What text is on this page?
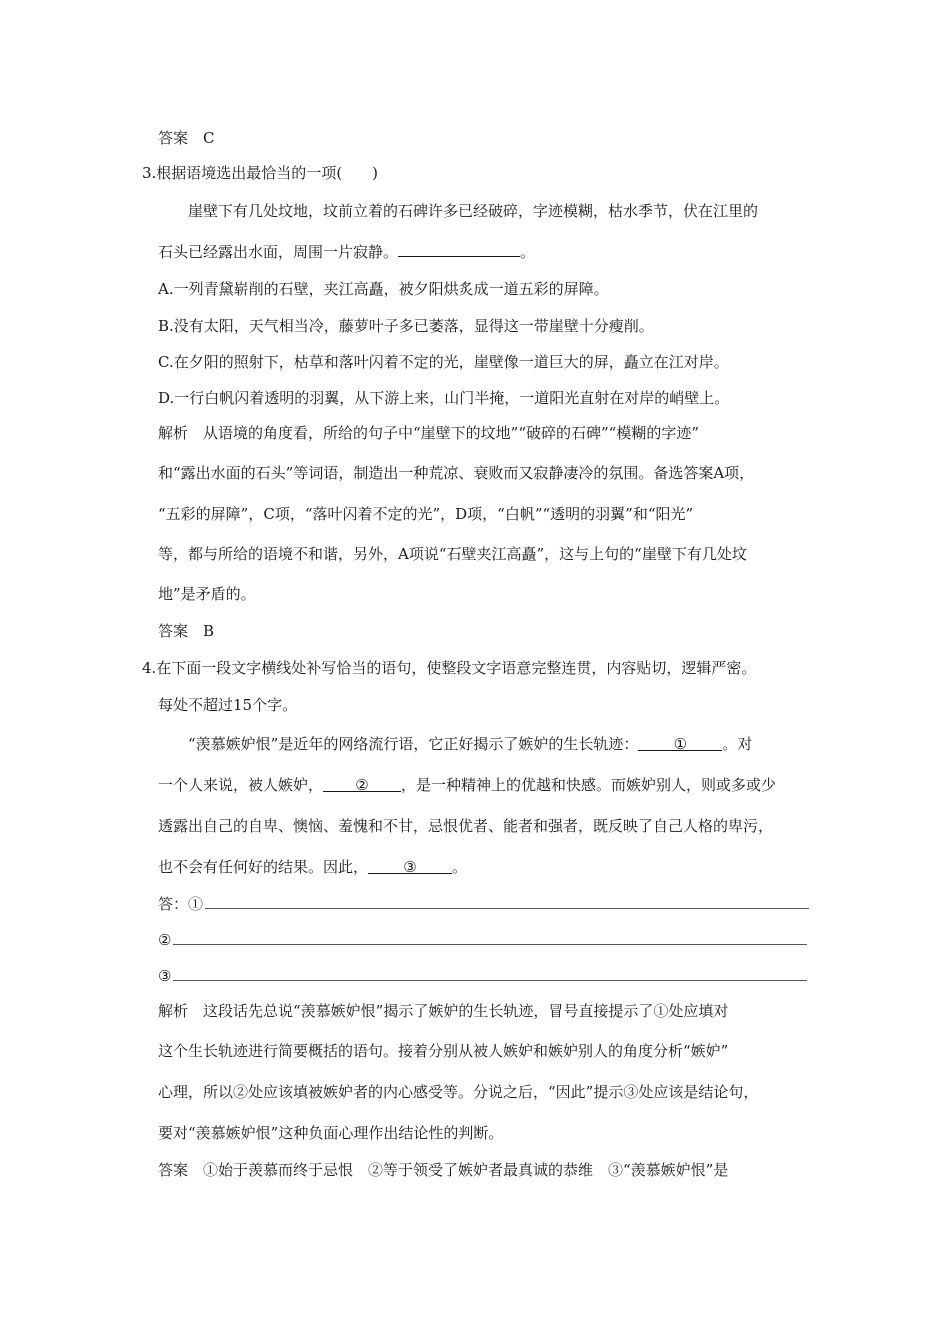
答案　C
3.根据语境选出最恰当的一项(　　)
崖壁下有几处坟地，坟前立着的石碑许多已经破碎，字迹模糊，枯水季节，伏在江里的
石头已经露出水面，周围一片寂静。	。
A.一列青黛崭削的石壁，夹江高矗，被夕阳烘炙成一道五彩的屏障。
B.没有太阳，天气相当冷，藤萝叶子多已萎落，显得这一带崖壁十分瘦削。
C.在夕阳的照射下，枯草和落叶闪着不定的光，崖壁像一道巨大的屏，矗立在江对岸。
D.一行白帆闪着透明的羽翼，从下游上来，山门半掩，一道阳光直射在对岸的峭壁上。
解析　从语境的角度看，所给的句子中“崖壁下的坟地”“破碎的石碑”“模糊的字迹”
和“露出水面的石头”等词语，制造出一种荒凉、衰败而又寂静凄冷的氛围。备选答案A项，
“五彩的屏障”，C项，“落叶闪着不定的光”，D项，“白帆”“透明的羽翼”和“阳光”
等，都与所给的语境不和谐，另外，A项说“石壁夹江高矗”，这与上句的“崖壁下有几处坟
地”是矛盾的。
答案　B
4.在下面一段文字横线处补写恰当的语句，使整段文字语意完整连贯，内容贴切，逻辑严密。
每处不超过15个字。
“羡慕嫉妒恨”是近年的网络流行语，它正好揭示了嫉妒的生长轨迹： ① 。对
一个人来说，被人嫉妒， ② ，是一种精神上的优越和快感。而嫉妒别人，则或多或少
透露出自己的自卑、懊恼、羞愧和不甘，忌恨优者、能者和强者，既反映了自己人格的卑污，
也不会有任何好的结果。因此， ③ 。
答：①
②
③
解析　这段话先总说“羡慕嫉妒恨”揭示了嫉妒的生长轨迹，冒号直接提示了①处应填对
这个生长轨迹进行简要概括的语句。接着分别从被人嫉妒和嫉妒别人的角度分析“嫉妒”
心理，所以②处应该填被嫉妒者的内心感受等。分说之后，“因此”提示③处应该是结论句，
要对“羡慕嫉妒恨”这种负面心理作出结论性的判断。
答案　①始于羡慕而终于忌恨　②等于领受了嫉妒者最真诚的恭维　③“羡慕嫉妒恨”是
